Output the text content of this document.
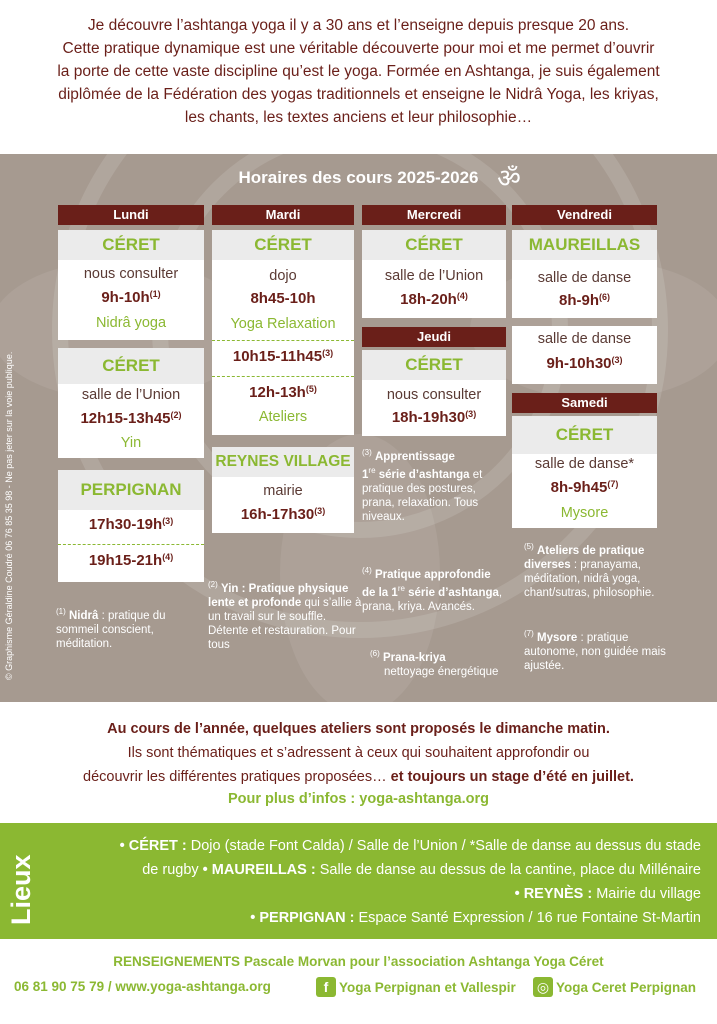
Je découvre l’ashtanga yoga il y a 30 ans et l’enseigne depuis presque 20 ans.
Cette pratique dynamique est une véritable découverte pour moi et me permet d’ouvrir
la porte de cette vaste discipline qu’est le yoga. Formée en Ashtanga, je suis également
diplômée de la Fédération des yogas traditionnels et enseigne le Nidrâ Yoga, les kriyas,
les chants, les textes anciens et leur philosophie…
Horaires des cours 2025-2026 ॐ
© Graphisme Géraldine Coudré 06 76 85 35 98 - Ne pas jeter sur la voie publique.
Lundi	Mardi	Mercredi	Vendredi
CÉRET
nous consulter
$9h-10h^{(1)}$
Nidrâ yoga
CÉRET
salle de l’Union
12h15-13h45$^{(2)}$
Yin
PERPIGNAN
$17h30-19h^{(3)}$
$19h15-21h^{(4)}$
CÉRET
dojo
8h45-10h
Yoga Relaxation
10h15-11h45$^{(3)}$
$12h-13h^{(5)}$
Ateliers
REYNES VILLAGE
mairie
16h-17h30$^{(3)}$
CÉRET
salle de l’Union
$18h-20h^{(4)}$
Jeudi
CÉRET
nous consulter
18h-19h30$^{(3)}$
MAUREILLAS
salle de danse
$8h-9h^{(6)}$
salle de danse
9h-10h30$^{(3)}$
Samedi
CÉRET
salle de danse*
8h-9h45$^{(7)}$
Mysore
$^{(1)}$ Nidrâ : pratique du sommeil conscient, méditation.
$^{(2)}$ Yin : Pratique physique lente et profonde qui s’allie à un travail sur le souffle. Détente et restauration. Pour tous
$^{(3)}$ Apprentissage
1re série d’ashtanga et pratique des postures, prana, relaxation. Tous niveaux.
$^{(4)}$ Pratique approfondie
de la 1re série d’ashtanga, prana, kriya. Avancés.
$^{(6)}$ Prana-kriya
nettoyage énergétique
$^{(5)}$ Ateliers de pratique diverses : pranayama, méditation, nidrâ yoga, chant/sutras, philosophie.
$^{(7)}$ Mysore : pratique autonome, non guidée mais ajustée.
Au cours de l’année, quelques ateliers sont proposés le dimanche matin.
Ils sont thématiques et s’adressent à ceux qui souhaitent approfondir ou
découvrir les différentes pratiques proposées… et toujours un stage d’été en juillet.
Pour plus d’infos : yoga-ashtanga.org
Lieux
• CÉRET : Dojo (stade Font Calda) / Salle de l’Union / *Salle de danse au dessus du stade
de rugby • MAUREILLAS : Salle de danse au dessus de la cantine, place du Millénaire
• REYNÈS : Mairie du village
• PERPIGNAN : Espace Santé Expression / 16 rue Fontaine St-Martin
RENSEIGNEMENTS Pascale Morvan pour l’association Ashtanga Yoga Céret
06 81 90 75 79 / www.yoga-ashtanga.org	f Yoga Perpignan et Vallespir ◎ Yoga Ceret Perpignan
